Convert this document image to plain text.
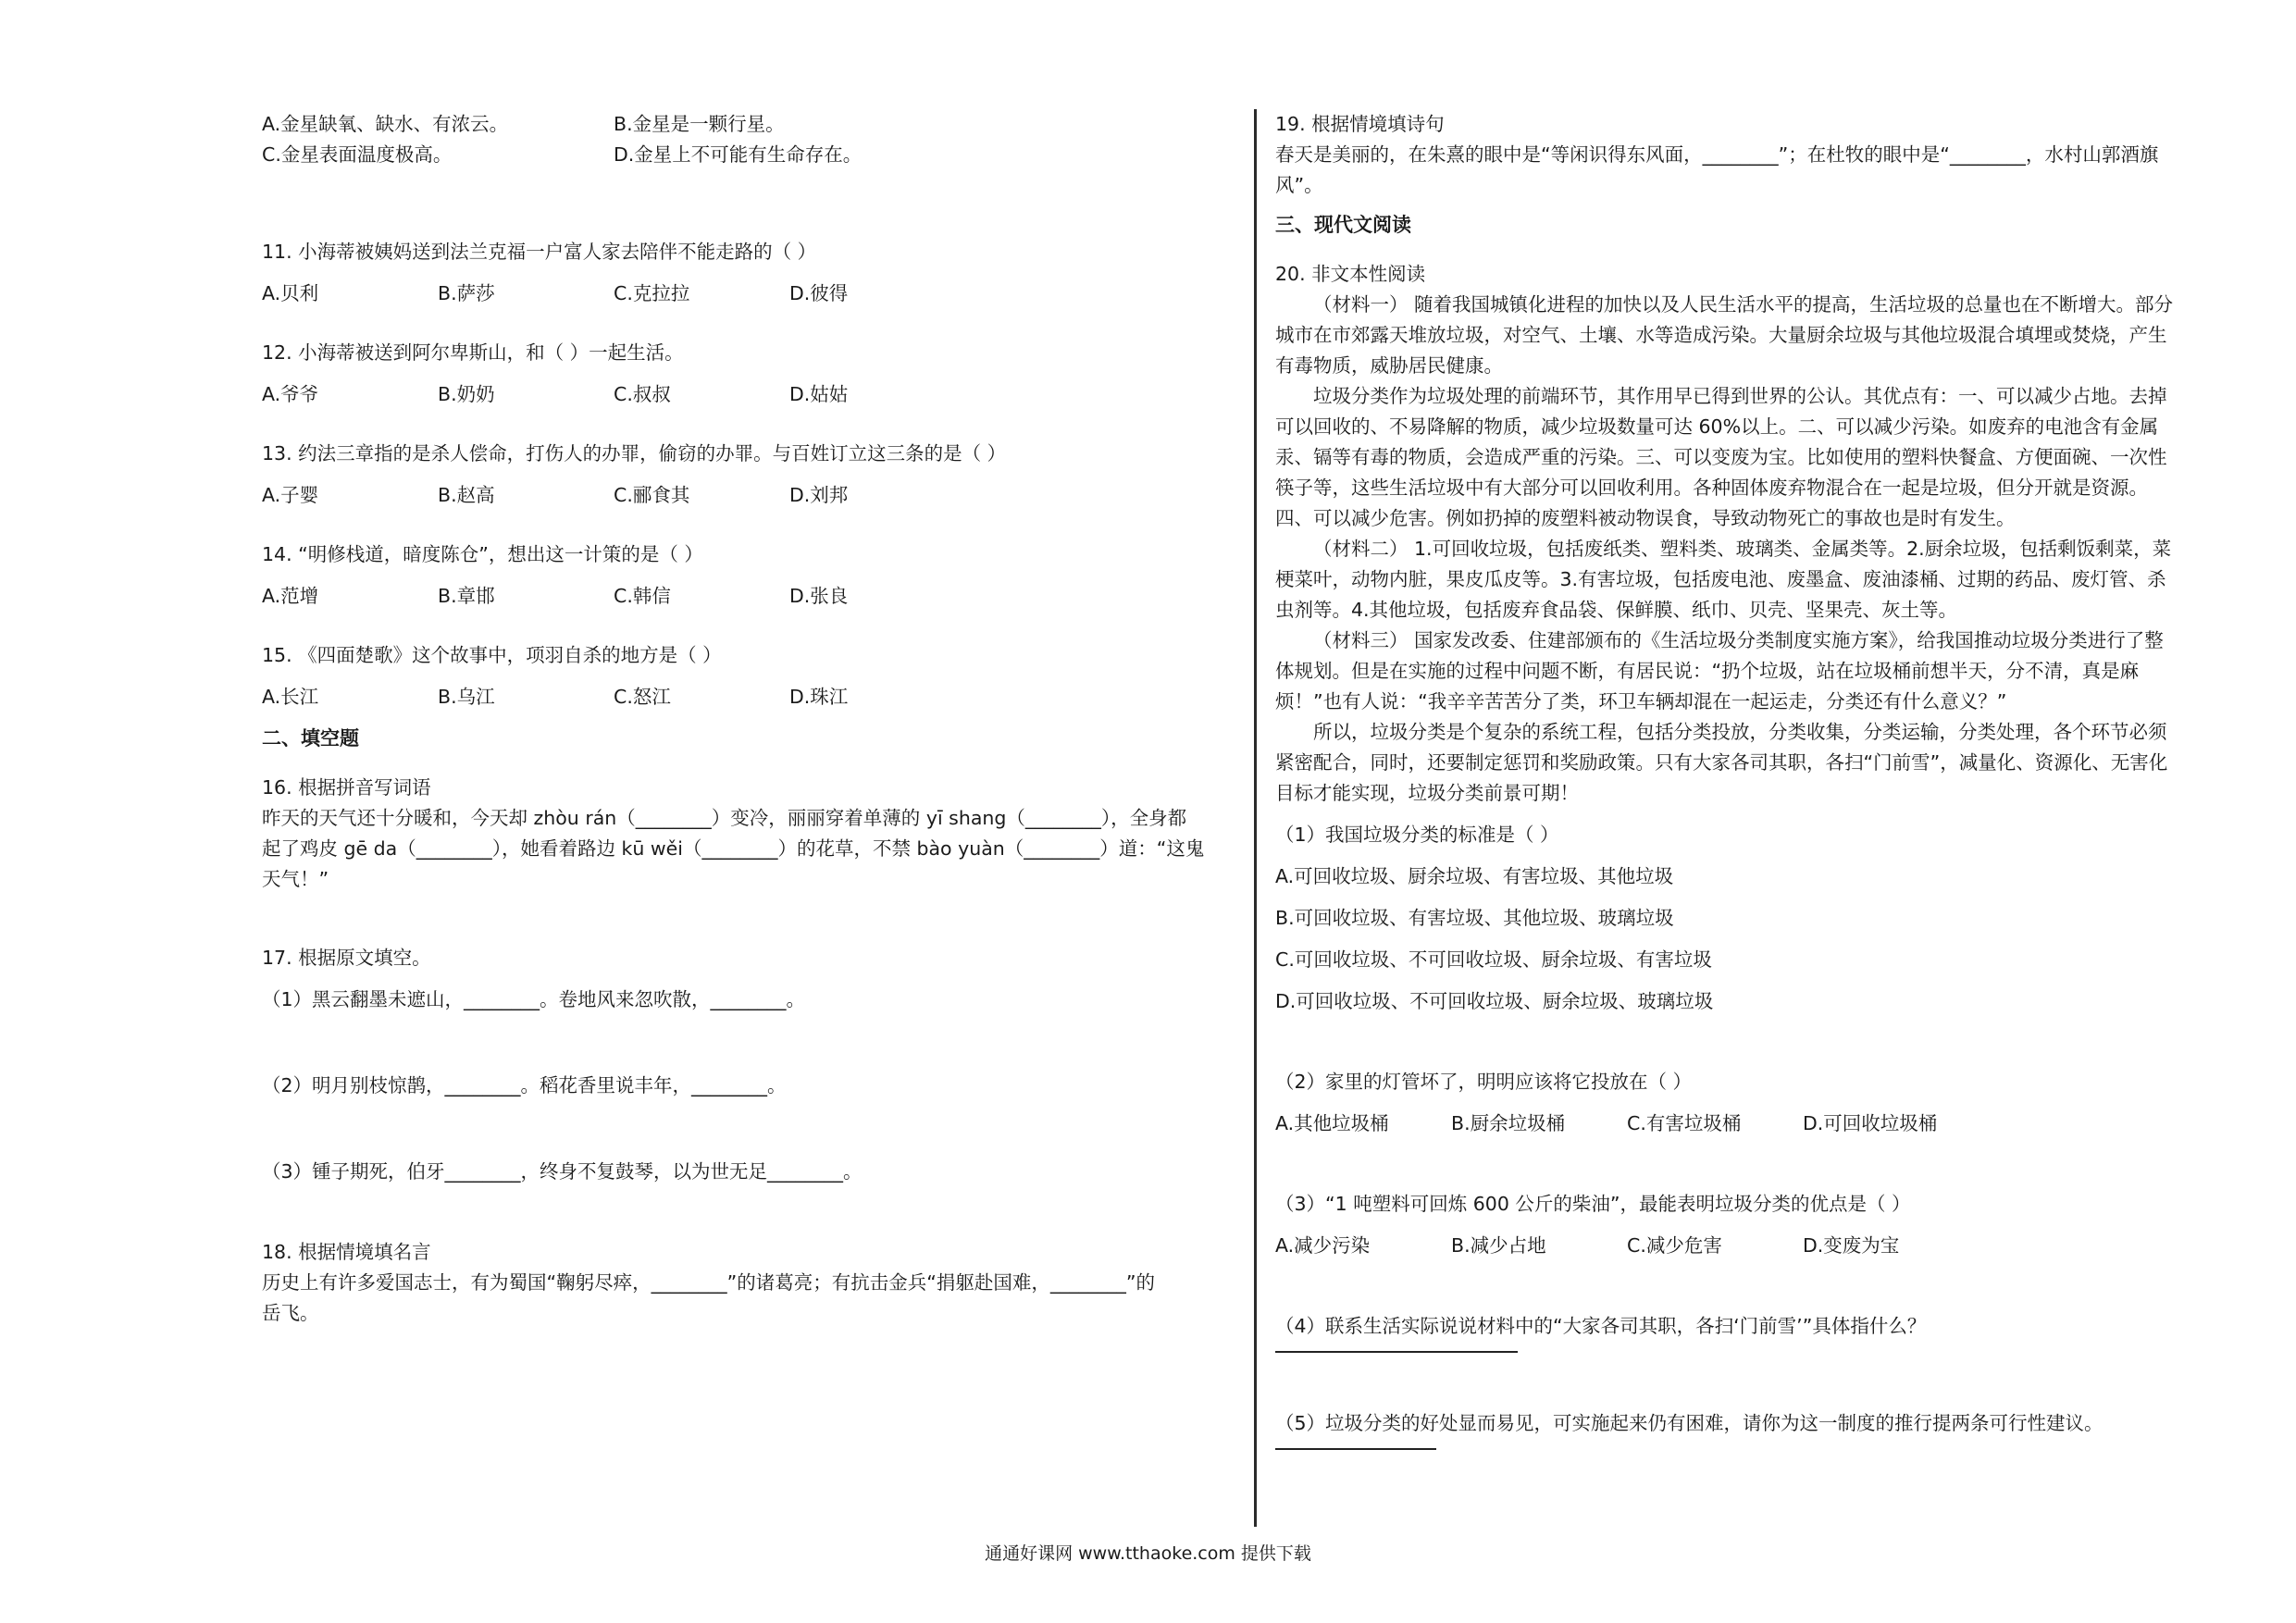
A.金星缺氧、缺水、有浓云。	B.金星是一颗行星。
C.金星表面温度极高。	D.金星上不可能有生命存在。
11. 小海蒂被姨妈送到法兰克福一户富人家去陪伴不能走路的（ ）
A.贝利	B.萨莎	C.克拉拉	D.彼得
12. 小海蒂被送到阿尔卑斯山，和（ ）一起生活。
A.爷爷	B.奶奶	C.叔叔	D.姑姑
13. 约法三章指的是杀人偿命，打伤人的办罪，偷窃的办罪。与百姓订立这三条的是（ ）
A.子婴	B.赵高	C.郦食其	D.刘邦
14. “明修栈道，暗度陈仓”，想出这一计策的是（ ）
A.范增	B.章邯	C.韩信	D.张良
15. 《四面楚歌》这个故事中，项羽自杀的地方是（ ）
A.长江	B.乌江	C.怒江	D.珠江
二、填空题
16. 根据拼音写词语
昨天的天气还十分暖和，今天却 zhòu rán（________）变冷，丽丽穿着单薄的 yī shang（________），全身都
起了鸡皮 gē da（________），她看着路边 kū wěi（________）的花草，不禁 bào yuàn（________）道：“这鬼
天气！”
17. 根据原文填空。
（1）黑云翻墨未遮山，________。卷地风来忽吹散，________。
（2）明月别枝惊鹊，________。稻花香里说丰年，________。
（3）锺子期死，伯牙________，终身不复鼓琴，以为世无足________。
18. 根据情境填名言
历史上有许多爱国志士，有为蜀国“鞠躬尽瘁，________”的诸葛亮；有抗击金兵“捐躯赴国难，________”的
岳飞。
19. 根据情境填诗句
春天是美丽的，在朱熹的眼中是“等闲识得东风面，________”；在杜牧的眼中是“________，水村山郭酒旗
风”。
三、现代文阅读
20. 非文本性阅读
（材料一） 随着我国城镇化进程的加快以及人民生活水平的提高，生活垃圾的总量也在不断增大。部分
城市在市郊露天堆放垃圾，对空气、土壤、水等造成污染。大量厨余垃圾与其他垃圾混合填埋或焚烧，产生
有毒物质，威胁居民健康。
垃圾分类作为垃圾处理的前端环节，其作用早已得到世界的公认。其优点有：一、可以减少占地。去掉
可以回收的、不易降解的物质，减少垃圾数量可达 60%以上。二、可以减少污染。如废弃的电池含有金属
汞、镉等有毒的物质，会造成严重的污染。三、可以变废为宝。比如使用的塑料快餐盒、方便面碗、一次性
筷子等，这些生活垃圾中有大部分可以回收利用。各种固体废弃物混合在一起是垃圾，但分开就是资源。
四、可以减少危害。例如扔掉的废塑料被动物误食，导致动物死亡的事故也是时有发生。
（材料二） 1.可回收垃圾，包括废纸类、塑料类、玻璃类、金属类等。2.厨余垃圾，包括剩饭剩菜，菜
梗菜叶，动物内脏，果皮瓜皮等。3.有害垃圾，包括废电池、废墨盒、废油漆桶、过期的药品、废灯管、杀
虫剂等。4.其他垃圾，包括废弃食品袋、保鲜膜、纸巾、贝壳、坚果壳、灰土等。
（材料三） 国家发改委、住建部颁布的《生活垃圾分类制度实施方案》，给我国推动垃圾分类进行了整
体规划。但是在实施的过程中问题不断，有居民说：“扔个垃圾，站在垃圾桶前想半天，分不清，真是麻
烦！”也有人说：“我辛辛苦苦分了类，环卫车辆却混在一起运走，分类还有什么意义？”
所以，垃圾分类是个复杂的系统工程，包括分类投放，分类收集，分类运输，分类处理，各个环节必须
紧密配合，同时，还要制定惩罚和奖励政策。只有大家各司其职，各扫“门前雪”，减量化、资源化、无害化
目标才能实现，垃圾分类前景可期！
（1）我国垃圾分类的标准是（ ）
A.可回收垃圾、厨余垃圾、有害垃圾、其他垃圾
B.可回收垃圾、有害垃圾、其他垃圾、玻璃垃圾
C.可回收垃圾、不可回收垃圾、厨余垃圾、有害垃圾
D.可回收垃圾、不可回收垃圾、厨余垃圾、玻璃垃圾
（2）家里的灯管坏了，明明应该将它投放在（ ）
A.其他垃圾桶	B.厨余垃圾桶	C.有害垃圾桶	D.可回收垃圾桶
（3）“1 吨塑料可回炼 600 公斤的柴油”，最能表明垃圾分类的优点是（ ）
A.减少污染	B.减少占地	C.减少危害	D.变废为宝
（4）联系生活实际说说材料中的“大家各司其职，各扫‘门前雪’”具体指什么？
（5）垃圾分类的好处显而易见，可实施起来仍有困难，请你为这一制度的推行提两条可行性建议。
通通好课网 www.tthaoke.com 提供下载
